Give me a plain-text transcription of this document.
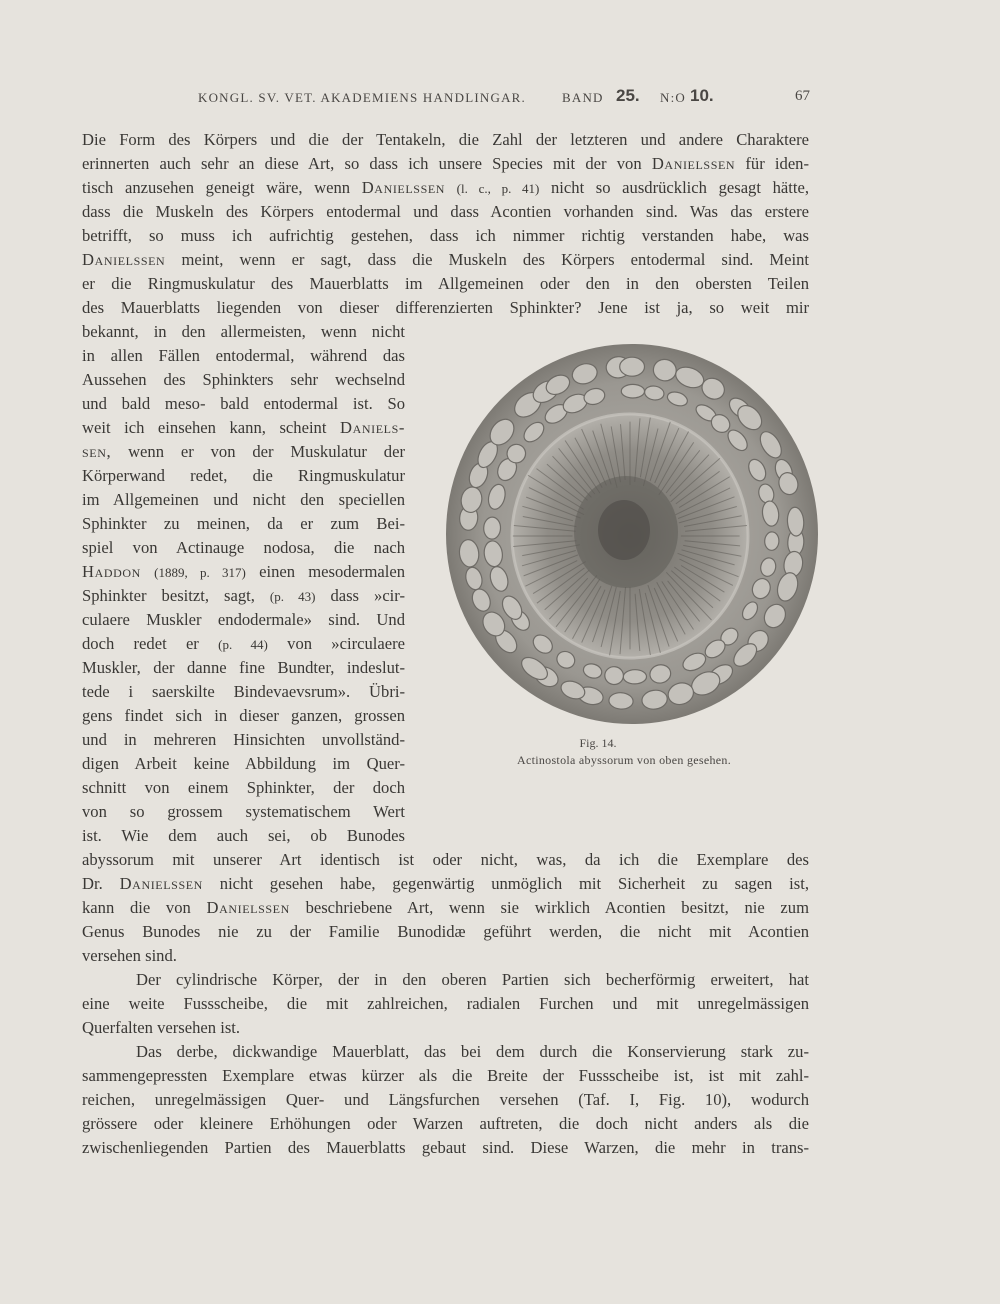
KONGL. SV. VET. AKADEMIENS HANDLINGAR.	BAND 25. N:O 10.	67
Die Form des Körpers und die der Tentakeln, die Zahl der letzteren und andere Charaktere
erinnerten auch sehr an diese Art, so dass ich unsere Species mit der von Danielssen für iden-
tisch anzusehen geneigt wäre, wenn Danielssen (l. c., p. 41) nicht so ausdrücklich gesagt hätte,
dass die Muskeln des Körpers entodermal und dass Acontien vorhanden sind. Was das erstere
betrifft, so muss ich aufrichtig gestehen, dass ich nimmer richtig verstanden habe, was
Danielssen meint, wenn er sagt, dass die Muskeln des Körpers entodermal sind. Meint
er die Ringmuskulatur des Mauerblatts im Allgemeinen oder den in den obersten Teilen
des Mauerblatts liegenden von dieser differenzierten Sphinkter? Jene ist ja, so weit mir
bekannt, in den allermeisten, wenn nicht
in allen Fällen entodermal, während das
Aussehen des Sphinkters sehr wechselnd
und bald meso- bald entodermal ist. So
weit ich einsehen kann, scheint Daniels-
sen, wenn er von der Muskulatur der
Körperwand redet, die Ringmuskulatur
im Allgemeinen und nicht den speciellen
Sphinkter zu meinen, da er zum Bei-
spiel von Actinauge nodosa, die nach
Haddon (1889, p. 317) einen mesodermalen
Sphinkter besitzt, sagt, (p. 43) dass »cir-
culaere Muskler endodermale» sind. Und
doch redet er (p. 44) von »circulaere
Muskler, der danne fine Bundter, indeslut-
tede i saerskilte Bindevaevsrum». Übri-
gens findet sich in dieser ganzen, grossen
und in mehreren Hinsichten unvollständ-
digen Arbeit keine Abbildung im Quer-
schnitt von einem Sphinkter, der doch
von so grossem systematischem Wert
ist. Wie dem auch sei, ob Bunodes
Fig. 14.
Actinostola abyssorum von oben gesehen.
abyssorum mit unserer Art identisch ist oder nicht, was, da ich die Exemplare des
Dr. Danielssen nicht gesehen habe, gegenwärtig unmöglich mit Sicherheit zu sagen ist,
kann die von Danielssen beschriebene Art, wenn sie wirklich Acontien besitzt, nie zum
Genus Bunodes nie zu der Familie Bunodidæ geführt werden, die nicht mit Acontien
versehen sind.
Der cylindrische Körper, der in den oberen Partien sich becherförmig erweitert, hat
eine weite Fussscheibe, die mit zahlreichen, radialen Furchen und mit unregelmässigen
Querfalten versehen ist.
Das derbe, dickwandige Mauerblatt, das bei dem durch die Konservierung stark zu-
sammengepressten Exemplare etwas kürzer als die Breite der Fussscheibe ist, ist mit zahl-
reichen, unregelmässigen Quer- und Längsfurchen versehen (Taf. I, Fig. 10), wodurch
grössere oder kleinere Erhöhungen oder Warzen auftreten, die doch nicht anders als die
zwischenliegenden Partien des Mauerblatts gebaut sind. Diese Warzen, die mehr in trans-
